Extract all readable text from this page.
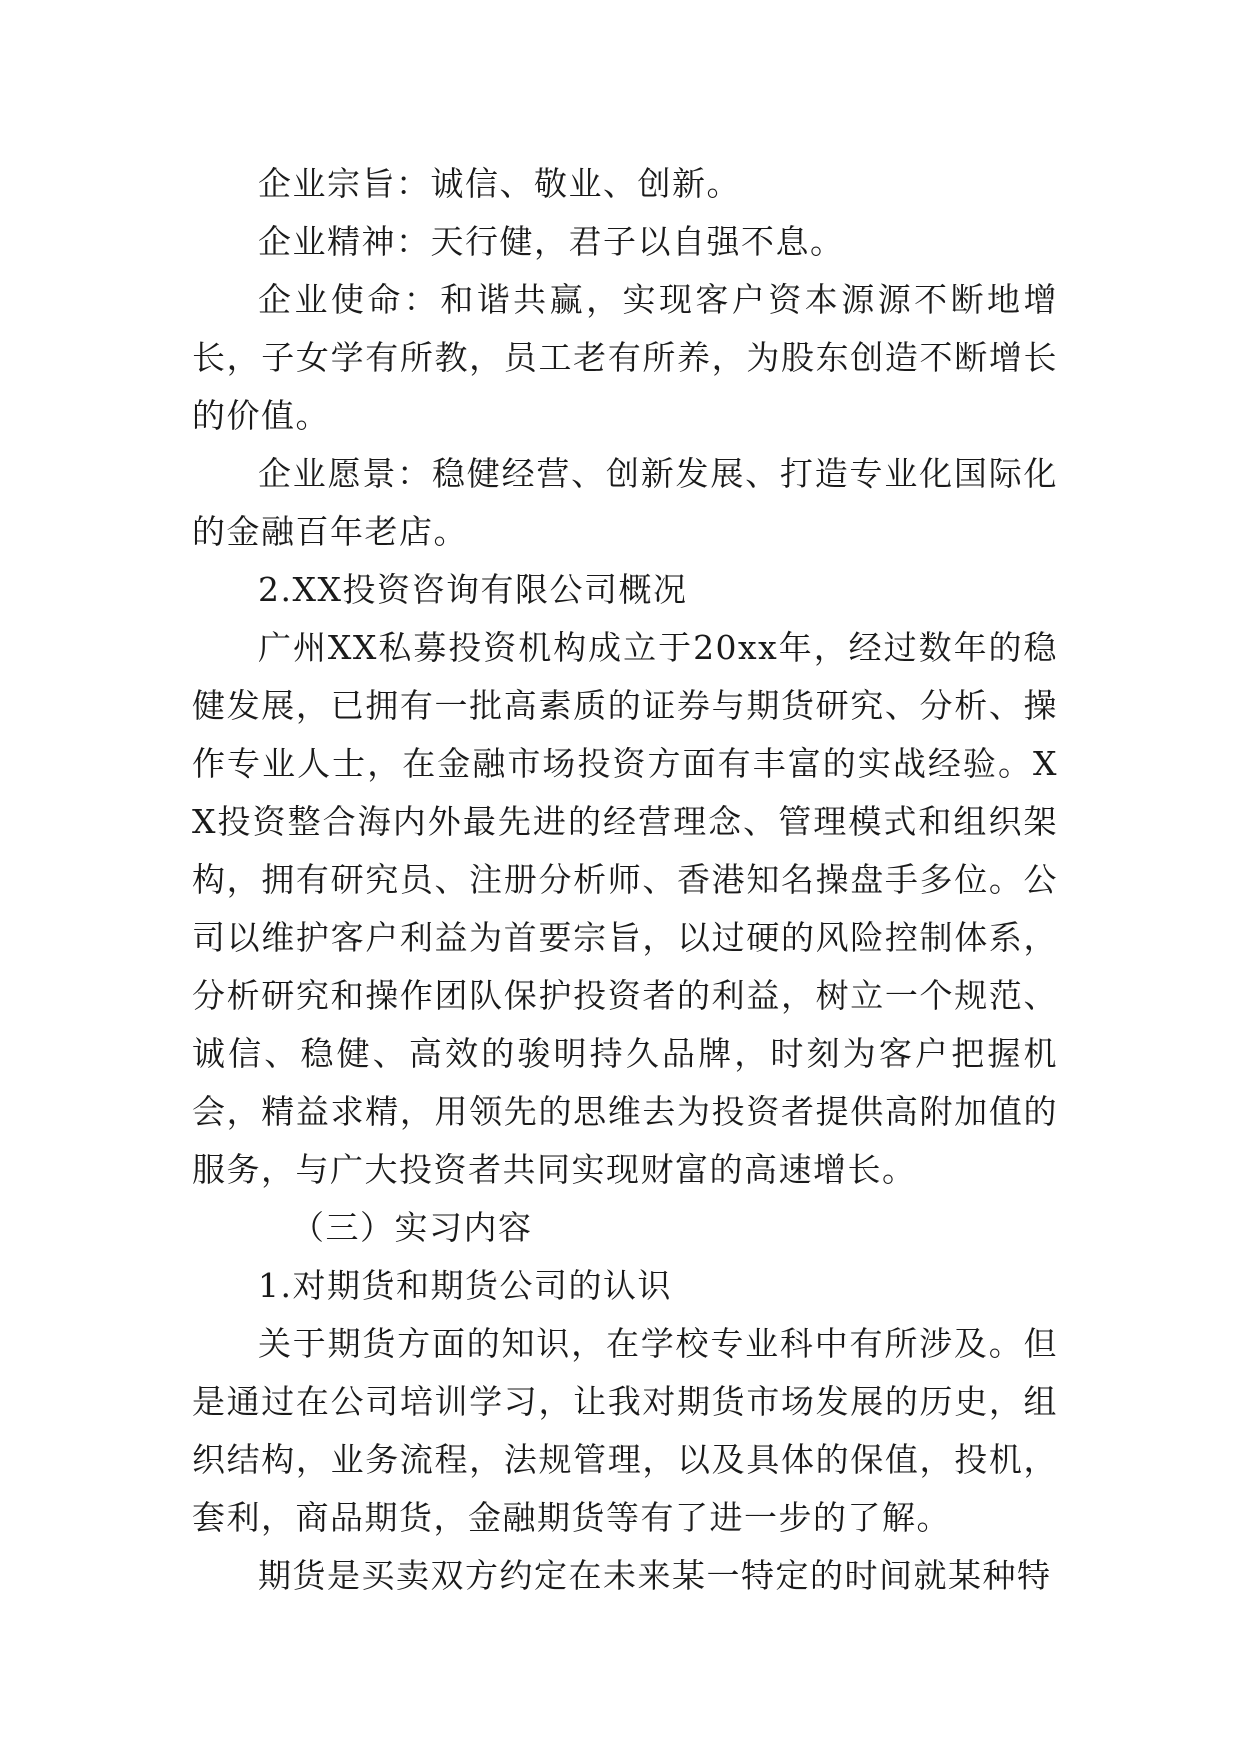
企业宗旨：诚信、敬业、创新。

企业精神：天行健，君子以自强不息。

企业使命：和谐共赢，实现客户资本源源不断地增长，子女学有所教，员工老有所养，为股东创造不断增长的价值。

企业愿景：稳健经营、创新发展、打造专业化国际化的金融百年老店。

2.XX投资咨询有限公司概况

广州XX私募投资机构成立于20xx年，经过数年的稳健发展，已拥有一批高素质的证券与期货研究、分析、操作专业人士，在金融市场投资方面有丰富的实战经验。XX投资整合海内外最先进的经营理念、管理模式和组织架构，拥有研究员、注册分析师、香港知名操盘手多位。公司以维护客户利益为首要宗旨，以过硬的风险控制体系，分析研究和操作团队保护投资者的利益，树立一个规范、诚信、稳健、高效的骏明持久品牌，时刻为客户把握机会，精益求精，用领先的思维去为投资者提供高附加值的服务，与广大投资者共同实现财富的高速增长。

（三）实习内容

1.对期货和期货公司的认识

关于期货方面的知识，在学校专业科中有所涉及。但是通过在公司培训学习，让我对期货市场发展的历史，组织结构，业务流程，法规管理，以及具体的保值，投机，套利，商品期货，金融期货等有了进一步的了解。

期货是买卖双方约定在未来某一特定的时间就某种特
